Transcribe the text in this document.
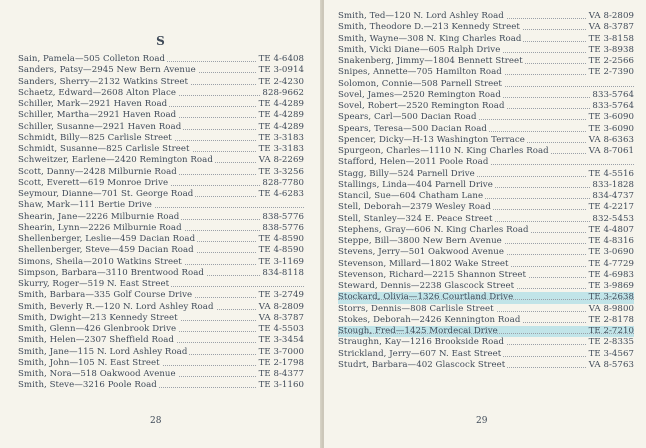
S
Sain, Pamela—505 Colleton Road	TE 4-6408
Sanders, Patsy—2945 New Bern Avenue	TE 3-0914
Sanders, Sherry—2132 Watkins Street	TE 2-4230
Schaetz, Edward—2608 Alton Place	828-9662
Schiller, Mark—2921 Haven Road	TE 4-4289
Schiller, Martha—2921 Haven Road	TE 4-4289
Schiller, Susanne—2921 Haven Road	TE 4-4289
Schmidt, Billy—825 Carlisle Street	TE 3-3183
Schmidt, Susanne—825 Carlisle Street	TE 3-3183
Schweitzer, Earlene—2420 Remington Road	VA 8-2269
Scott, Danny—2428 Milburnie Road	TE 3-3256
Scott, Everett—619 Monroe Drive	828-7780
Seymour, Dianne—701 St. George Road	TE 4-6283
Shaw, Mark—111 Bertie Drive
Shearin, Jane—2226 Milburnie Road	838-5776
Shearin, Lynn—2226 Milburnie Road	838-5776
Shellenberger, Leslie—459 Dacian Road	TE 4-8590
Shellenberger, Steve—459 Dacian Road	TE 4-8590
Simons, Sheila—2010 Watkins Street	TE 3-1169
Simpson, Barbara—3110 Brentwood Road	834-8118
Skurry, Roger—519 N. East Street
Smith, Barbara—335 Golf Course Drive	TE 3-2749
Smith, Beverly R.—120 N. Lord Ashley Road	VA 8-2809
Smith, Dwight—213 Kennedy Street	VA 8-3787
Smith, Glenn—426 Glenbrook Drive	TE 4-5503
Smith, Helen—2307 Sheffield Road	TE 3-3454
Smith, Jane—115 N. Lord Ashley Road	TE 3-7000
Smith, John—105 N. East Street	TE 2-1798
Smith, Nora—518 Oakwood Avenue	TE 8-4377
Smith, Steve—3216 Poole Road	TE 3-1160
28
Smith, Ted—120 N. Lord Ashley Road	VA 8-2809
Smith, Theodore D.—213 Kennedy Street	VA 8-3787
Smith, Wayne—308 N. King Charles Road	TE 3-8158
Smith, Vicki Diane—605 Ralph Drive	TE 3-8938
Snakenberg, Jimmy—1804 Bennett Street	TE 2-2566
Snipes, Annette—705 Hamilton Road	TE 2-7390
Solomon, Connie—508 Parnell Street
Sovel, James—2520 Remington Road	833-5764
Sovel, Robert—2520 Remington Road	833-5764
Spears, Carl—500 Dacian Road	TE 3-6090
Spears, Teresa—500 Dacian Road	TE 3-6090
Spencer, Dicky—H-13 Washington Terrace	VA 8-6363
Spurgeon, Charles—1110 N. King Charles Road	VA 8-7061
Stafford, Helen—2011 Poole Road
Stagg, Billy—524 Parnell Drive	TE 4-5516
Stallings, Linda—404 Parnell Drive	833-1828
Stancil, Sue—604 Chatham Lane	834-4737
Stell, Deborah—2379 Wesley Road	TE 4-2217
Stell, Stanley—324 E. Peace Street	832-5453
Stephens, Gray—606 N. King Charles Road	TE 4-4807
Steppe, Bill—3800 New Bern Avenue	TE 4-8316
Stevens, Jerry—501 Oakwood Avenue	TE 3-0690
Stevenson, Millard—1802 Wake Street	TE 4-7729
Stevenson, Richard—2215 Shannon Street	TE 4-6983
Steward, Dennis—2238 Glascock Street	TE 3-9869
Stockard, Olivia—1326 Courtland Drive	TE 3-2638
Storrs, Dennis—808 Carlisle Street	VA 8-9800
Stokes, Deborah—2426 Kennington Road	TE 2-8178
Stough, Fred—1425 Mordecai Drive	TE 2-7210
Straughn, Kay—1216 Brookside Road	TE 2-8335
Strickland, Jerry—607 N. East Street	TE 3-4567
Studrt, Barbara—402 Glascock Street	VA 8-5763
29
